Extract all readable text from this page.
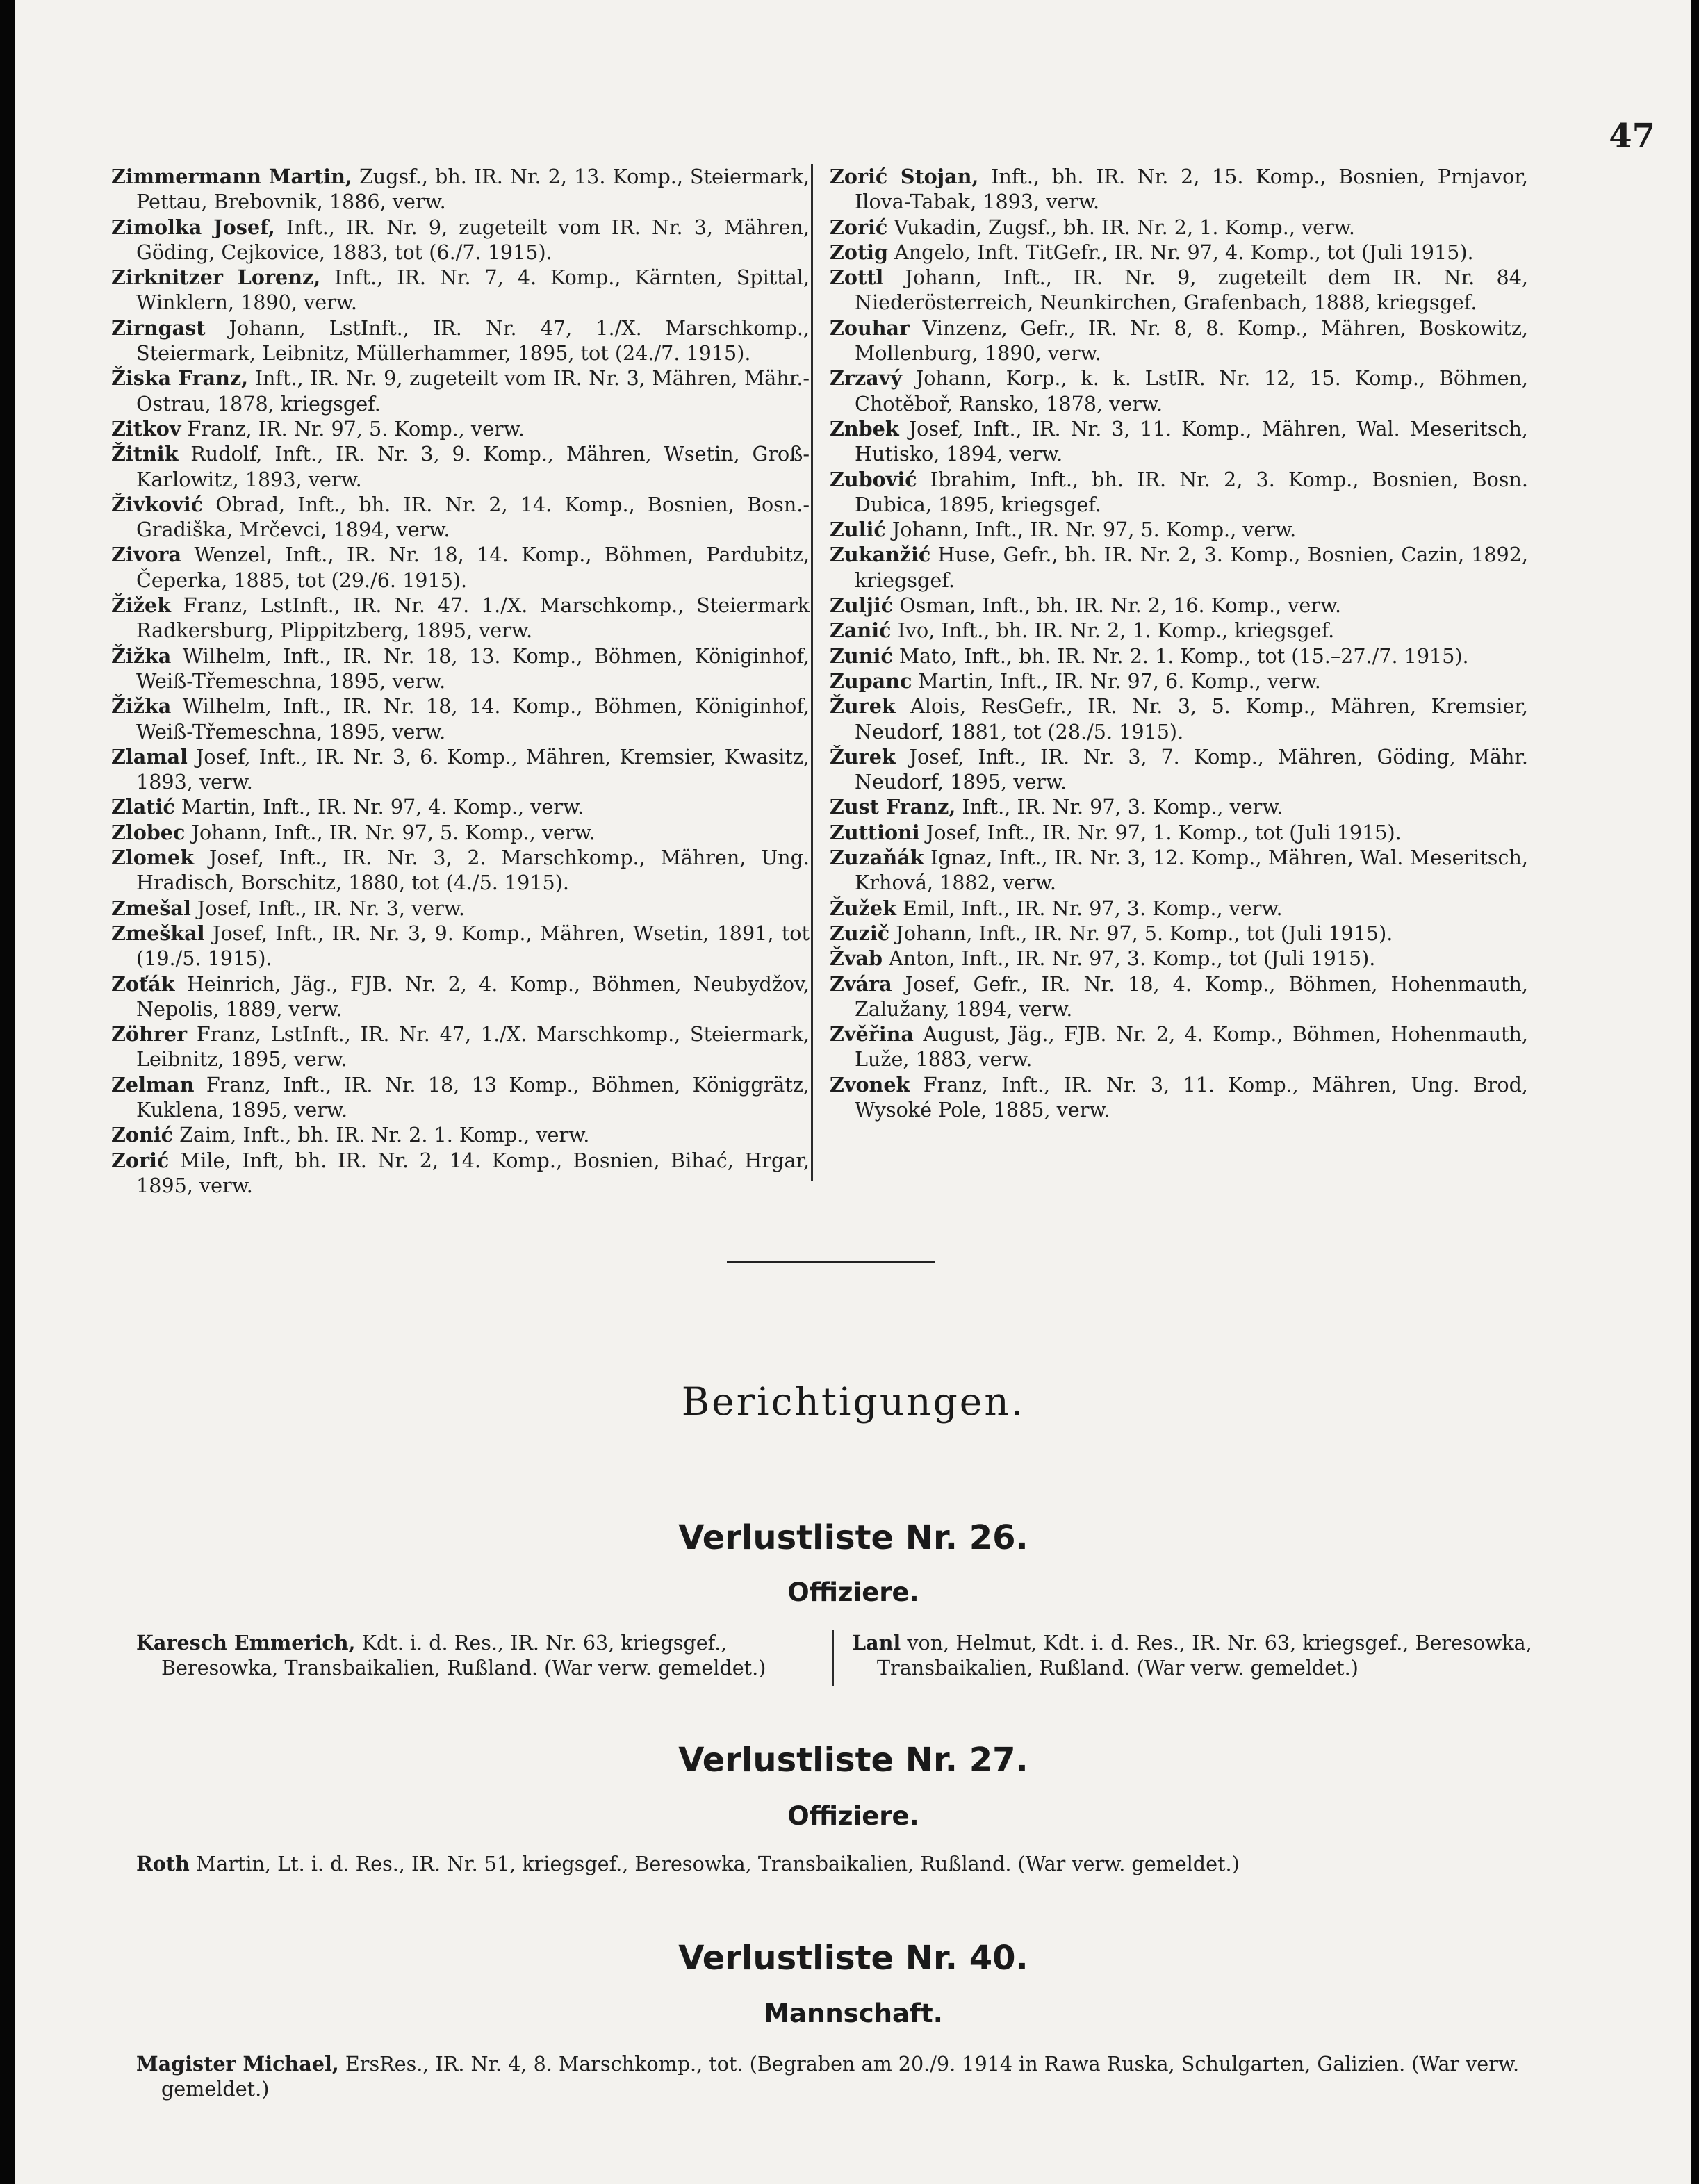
47
Zimmermann Martin, Zugsf., bh. IR. Nr. 2, 13. Komp., Steiermark, Pettau, Brebovnik, 1886, verw.
Zimolka Josef, Inft., IR. Nr. 9, zugeteilt vom IR. Nr. 3, Mähren, Göding, Cejkovice, 1883, tot (6./7. 1915).
Zirknitzer Lorenz, Inft., IR. Nr. 7, 4. Komp., Kärnten, Spittal, Winklern, 1890, verw.
Zirngast Johann, LstInft., IR. Nr. 47, 1./X. Marschkomp., Steiermark, Leibnitz, Müllerhammer, 1895, tot (24./7. 1915).
Žiska Franz, Inft., IR. Nr. 9, zugeteilt vom IR. Nr. 3, Mähren, Mähr.-Ostrau, 1878, kriegsgef.
Zitkov Franz, IR. Nr. 97, 5. Komp., verw.
Žitnik Rudolf, Inft., IR. Nr. 3, 9. Komp., Mähren, Wsetin, Groß-Karlowitz, 1893, verw.
Živković Obrad, Inft., bh. IR. Nr. 2, 14. Komp., Bosnien, Bosn.-Gradiška, Mrčevci, 1894, verw.
Zivora Wenzel, Inft., IR. Nr. 18, 14. Komp., Böhmen, Pardubitz, Čeperka, 1885, tot (29./6. 1915).
Žižek Franz, LstInft., IR. Nr. 47. 1./X. Marschkomp., Steiermark Radkersburg, Plippitzberg, 1895, verw.
Žižka Wilhelm, Inft., IR. Nr. 18, 13. Komp., Böhmen, Königinhof, Weiß-Třemeschna, 1895, verw.
Žižka Wilhelm, Inft., IR. Nr. 18, 14. Komp., Böhmen, Königinhof, Weiß-Třemeschna, 1895, verw.
Zlamal Josef, Inft., IR. Nr. 3, 6. Komp., Mähren, Kremsier, Kwasitz, 1893, verw.
Zlatić Martin, Inft., IR. Nr. 97, 4. Komp., verw.
Zlobec Johann, Inft., IR. Nr. 97, 5. Komp., verw.
Zlomek Josef, Inft., IR. Nr. 3, 2. Marschkomp., Mähren, Ung. Hradisch, Borschitz, 1880, tot (4./5. 1915).
Zmešal Josef, Inft., IR. Nr. 3, verw.
Zmeškal Josef, Inft., IR. Nr. 3, 9. Komp., Mähren, Wsetin, 1891, tot (19./5. 1915).
Zoťák Heinrich, Jäg., FJB. Nr. 2, 4. Komp., Böhmen, Neubydžov, Nepolis, 1889, verw.
Zöhrer Franz, LstInft., IR. Nr. 47, 1./X. Marschkomp., Steiermark, Leibnitz, 1895, verw.
Zelman Franz, Inft., IR. Nr. 18, 13 Komp., Böhmen, Königgrätz, Kuklena, 1895, verw.
Zonić Zaim, Inft., bh. IR. Nr. 2. 1. Komp., verw.
Zorić Mile, Inft, bh. IR. Nr. 2, 14. Komp., Bosnien, Bihać, Hrgar, 1895, verw.
Zorić Stojan, Inft., bh. IR. Nr. 2, 15. Komp., Bosnien, Prnjavor, Ilova-Tabak, 1893, verw.
Zorić Vukadin, Zugsf., bh. IR. Nr. 2, 1. Komp., verw.
Zotig Angelo, Inft. TitGefr., IR. Nr. 97, 4. Komp., tot (Juli 1915).
Zottl Johann, Inft., IR. Nr. 9, zugeteilt dem IR. Nr. 84, Niederösterreich, Neunkirchen, Grafenbach, 1888, kriegsgef.
Zouhar Vinzenz, Gefr., IR. Nr. 8, 8. Komp., Mähren, Boskowitz, Mollenburg, 1890, verw.
Zrzavý Johann, Korp., k. k. LstIR. Nr. 12, 15. Komp., Böhmen, Chotěboř, Ransko, 1878, verw.
Znbek Josef, Inft., IR. Nr. 3, 11. Komp., Mähren, Wal. Meseritsch, Hutisko, 1894, verw.
Zubović Ibrahim, Inft., bh. IR. Nr. 2, 3. Komp., Bosnien, Bosn. Dubica, 1895, kriegsgef.
Zulić Johann, Inft., IR. Nr. 97, 5. Komp., verw.
Zukanžić Huse, Gefr., bh. IR. Nr. 2, 3. Komp., Bosnien, Cazin, 1892, kriegsgef.
Zuljić Osman, Inft., bh. IR. Nr. 2, 16. Komp., verw.
Zanić Ivo, Inft., bh. IR. Nr. 2, 1. Komp., kriegsgef.
Zunić Mato, Inft., bh. IR. Nr. 2. 1. Komp., tot (15.–27./7. 1915).
Zupanc Martin, Inft., IR. Nr. 97, 6. Komp., verw.
Žurek Alois, ResGefr., IR. Nr. 3, 5. Komp., Mähren, Kremsier, Neudorf, 1881, tot (28./5. 1915).
Žurek Josef, Inft., IR. Nr. 3, 7. Komp., Mähren, Göding, Mähr. Neudorf, 1895, verw.
Zust Franz, Inft., IR. Nr. 97, 3. Komp., verw.
Zuttioni Josef, Inft., IR. Nr. 97, 1. Komp., tot (Juli 1915).
Zuzaňák Ignaz, Inft., IR. Nr. 3, 12. Komp., Mähren, Wal. Meseritsch, Krhová, 1882, verw.
Žužek Emil, Inft., IR. Nr. 97, 3. Komp., verw.
Zuzič Johann, Inft., IR. Nr. 97, 5. Komp., tot (Juli 1915).
Žvab Anton, Inft., IR. Nr. 97, 3. Komp., tot (Juli 1915).
Zvára Josef, Gefr., IR. Nr. 18, 4. Komp., Böhmen, Hohenmauth, Zalužany, 1894, verw.
Zvěřina August, Jäg., FJB. Nr. 2, 4. Komp., Böhmen, Hohenmauth, Luže, 1883, verw.
Zvonek Franz, Inft., IR. Nr. 3, 11. Komp., Mähren, Ung. Brod, Wysoké Pole, 1885, verw.
Berichtigungen.
Verlustliste Nr. 26.
Offiziere.
Karesch Emmerich, Kdt. i. d. Res., IR. Nr. 63, kriegsgef., Beresowka, Transbaikalien, Rußland. (War verw. gemeldet.)
Lanl von, Helmut, Kdt. i. d. Res., IR. Nr. 63, kriegsgef., Beresowka, Transbaikalien, Rußland. (War verw. gemeldet.)
Verlustliste Nr. 27.
Offiziere.
Roth Martin, Lt. i. d. Res., IR. Nr. 51, kriegsgef., Beresowka, Transbaikalien, Rußland. (War verw. gemeldet.)
Verlustliste Nr. 40.
Mannschaft.
Magister Michael, ErsRes., IR. Nr. 4, 8. Marschkomp., tot. (Begraben am 20./9. 1914 in Rawa Ruska, Schulgarten, Galizien. (War verw. gemeldet.)
